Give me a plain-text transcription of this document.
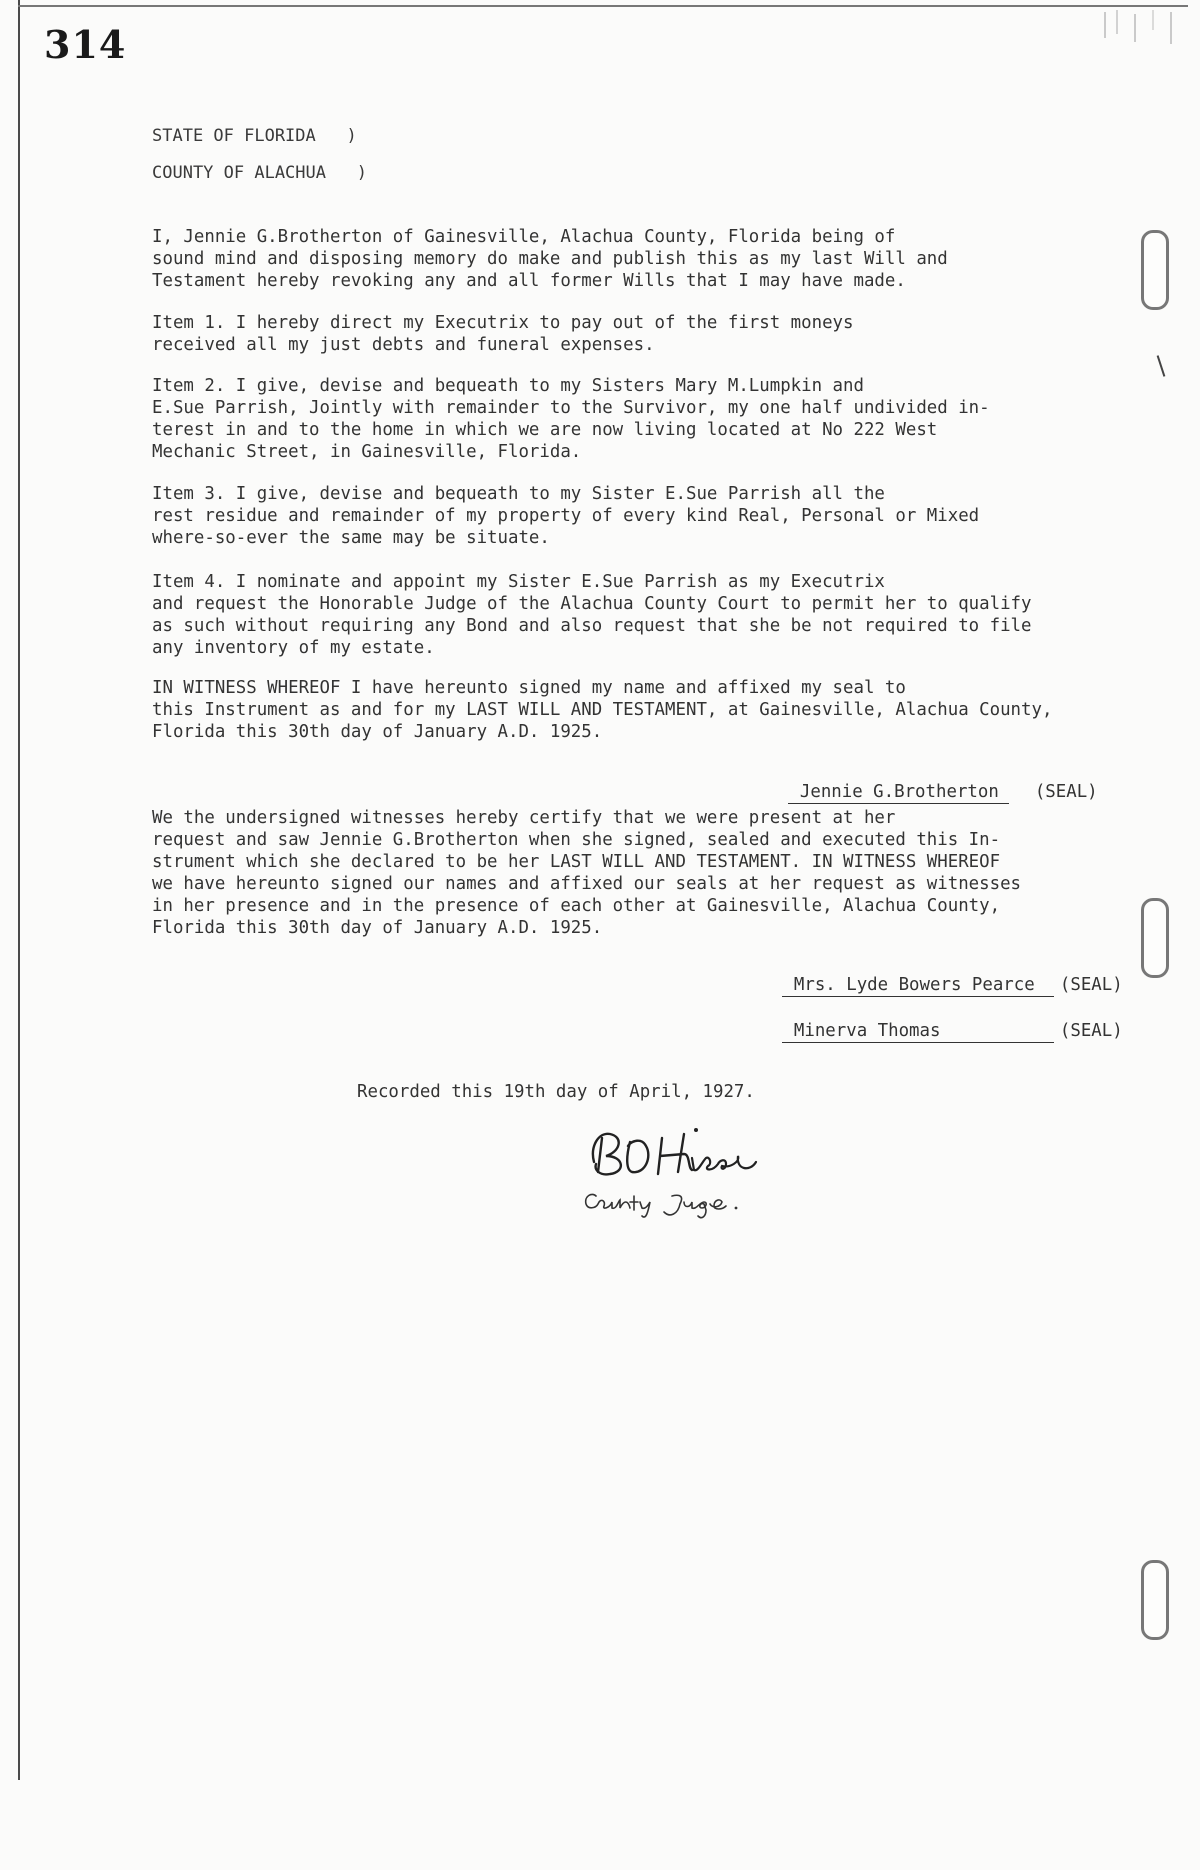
314
STATE OF FLORIDA   )
COUNTY OF ALACHUA   )
I, Jennie G.Brotherton of Gainesville, Alachua County, Florida being of
sound mind and disposing memory do make and publish this as my last Will and
Testament hereby revoking any and all former Wills that I may have made.
Item 1. I hereby direct my Executrix to pay out of the first moneys
received all my just debts and funeral expenses.
Item 2. I give, devise and bequeath to my Sisters Mary M.Lumpkin and
E.Sue Parrish, Jointly with remainder to the Survivor, my one half undivided in-
terest in and to the home in which we are now living located at No 222 West
Mechanic Street, in Gainesville, Florida.
Item 3. I give, devise and bequeath to my Sister E.Sue Parrish all the
rest residue and remainder of my property of every kind Real, Personal or Mixed
where-so-ever the same may be situate.
Item 4. I nominate and appoint my Sister E.Sue Parrish as my Executrix
and request the Honorable Judge of the Alachua County Court to permit her to qualify
as such without requiring any Bond and also request that she be not required to file
any inventory of my estate.
IN WITNESS WHEREOF I have hereunto signed my name and affixed my seal to
this Instrument as and for my LAST WILL AND TESTAMENT, at Gainesville, Alachua County,
Florida this 30th day of January A.D. 1925.

Jennie G.Brotherton (SEAL)

We the undersigned witnesses hereby certify that we were present at her
request and saw Jennie G.Brotherton when she signed, sealed and executed this In-
strument which she declared to be her LAST WILL AND TESTAMENT. IN WITNESS WHEREOF
we have hereunto signed our names and affixed our seals at her request as witnesses
in her presence and in the presence of each other at Gainesville, Alachua County,
Florida this 30th day of January A.D. 1925.

Mrs. Lyde Bowers Pearce (SEAL)

Minerva Thomas	(SEAL)

Recorded this 19th day of April, 1927.
